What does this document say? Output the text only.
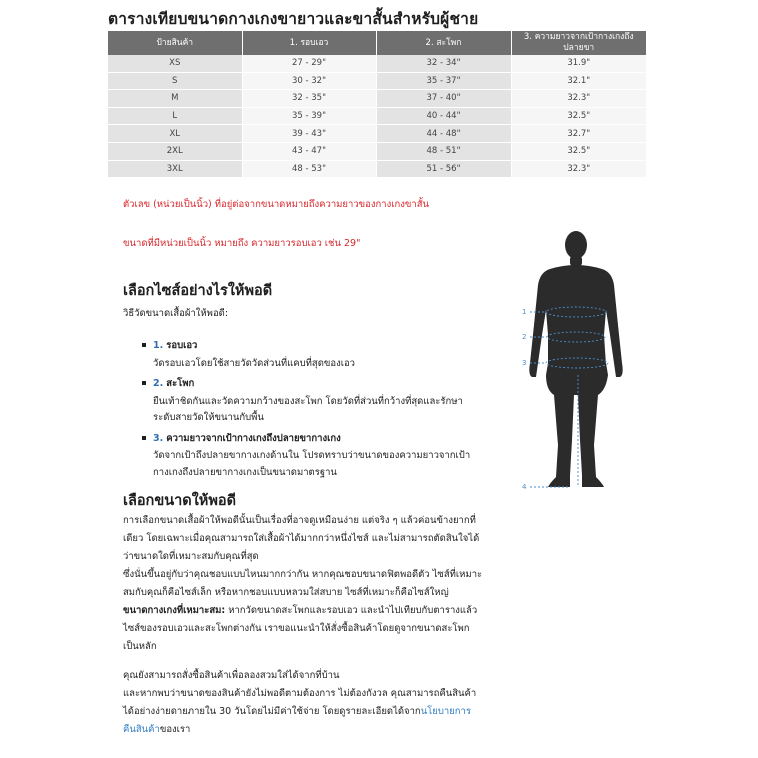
ตารางเทียบขนาดกางเกงขายาวและขาสั้นสำหรับผู้ชาย
ป้ายสินค้า	1. รอบเอว	2. สะโพก	3. ความยาวจากเป้ากางเกงถึงปลายขา
XS	27 - 29"	32 - 34"	31.9"
S	30 - 32"	35 - 37"	32.1"
M	32 - 35"	37 - 40"	32.3"
L	35 - 39"	40 - 44"	32.5"
XL	39 - 43"	44 - 48"	32.7"
2XL	43 - 47"	48 - 51"	32.5"
3XL	48 - 53"	51 - 56"	32.3"
ตัวเลข (หน่วยเป็นนิ้ว) ที่อยู่ต่อจากขนาดหมายถึงความยาวของกางเกงขาสั้น
ขนาดที่มีหน่วยเป็นนิ้ว หมายถึง ความยาวรอบเอว เช่น 29"
เลือกไซส์อย่างไรให้พอดี
วิธีวัดขนาดเสื้อผ้าให้พอดี:
1. รอบเอว
วัดรอบเอวโดยใช้สายวัดวัดส่วนที่แคบที่สุดของเอว
2. สะโพก
ยืนเท้าชิดกันและวัดความกว้างของสะโพก โดยวัดที่ส่วนที่กว้างที่สุดและรักษา
ระดับสายวัดให้ขนานกับพื้น
3. ความยาวจากเป้ากางเกงถึงปลายขากางเกง
วัดจากเป้าถึงปลายขากางเกงด้านใน โปรดทราบว่าขนาดของความยาวจากเป้า
กางเกงถึงปลายขากางเกงเป็นขนาดมาตรฐาน
เลือกขนาดให้พอดี
การเลือกขนาดเสื้อผ้าให้พอดีนั้นเป็นเรื่องที่อาจดูเหมือนง่าย แต่จริง ๆ แล้วค่อนข้างยากที่
เดียว โดยเฉพาะเมื่อคุณสามารถใส่เสื้อผ้าได้มากกว่าหนึ่งไซส์ และไม่สามารถตัดสินใจได้
ว่าขนาดใดที่เหมาะสมกับคุณที่สุด
ซึ่งนั่นขึ้นอยู่กับว่าคุณชอบแบบไหนมากกว่ากัน หากคุณชอบขนาดฟิตพอดีตัว ไซส์ที่เหมาะ
สมกับคุณก็คือไซส์เล็ก หรือหากชอบแบบหลวมใส่สบาย ไซส์ที่เหมาะก็คือไซส์ใหญ่
ขนาดกางเกงที่เหมาะสม: หากวัดขนาดสะโพกและรอบเอว และนำไปเทียบกับตารางแล้ว
ไซส์ของรอบเอวและสะโพกต่างกัน เราขอแนะนำให้สั่งซื้อสินค้าโดยดูจากขนาดสะโพก
เป็นหลัก
คุณยังสามารถสั่งซื้อสินค้าเพื่อลองสวมใส่ได้จากที่บ้าน
และหากพบว่าขนาดของสินค้ายังไม่พอดีตามต้องการ ไม่ต้องกังวล คุณสามารถคืนสินค้า
ได้อย่างง่ายดายภายใน 30 วันโดยไม่มีค่าใช้จ่าย โดยดูรายละเอียดได้จากนโยบายการ
คืนสินค้าของเรา
1
2
3
4
